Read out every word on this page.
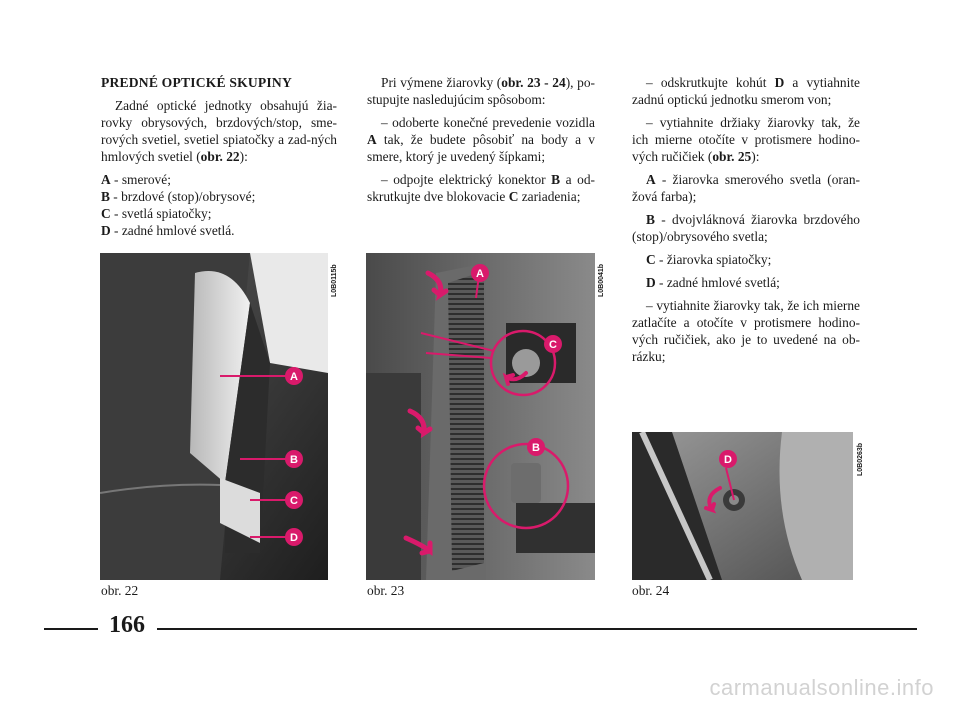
PREDNÉ OPTICKÉ SKUPINY

Zadné optické jednotky obsahujú žia-rovky obrysových, brzdových/stop, sme-rových svetiel, svetiel spiatočky a zad-ných hmlových svetiel (obr. 22):

A - smerové;

B - brzdové (stop)/obrysové;

C - svetlá spiatočky;

D - zadné hmlové svetlá.

Pri výmene žiarovky (obr. 23 - 24), po-stupujte nasledujúcim spôsobom:

– odoberte konečné prevedenie vozidla A tak, že budete pôsobiť na body a v smere, ktorý je uvedený šípkami;

– odpojte elektrický konektor B a od-skrutkujte dve blokovacie C zariadenia;

– odskrutkujte kohút D a vytiahnite zadnú optickú jednotku smerom von;

– vytiahnite držiaky žiarovky tak, že ich mierne otočíte v protismere hodino-vých ručičiek (obr. 25):

A - žiarovka smerového svetla (oran-žová farba);

B - dvojvláknová žiarovka brzdového (stop)/obrysového svetla;

C - žiarovka spiatočky;

D - zadné hmlové svetlá;

– vytiahnite žiarovky tak, že ich mierne zatlačíte a otočíte v protismere hodino-vých ručičiek, ako je to uvedené na ob-rázku;

A
B
C
D
L0B0115b
obr. 22
A
C
B
L0B0041b
obr. 23
D	L0B0263b
obr. 24
166
carmanualsonline.info
